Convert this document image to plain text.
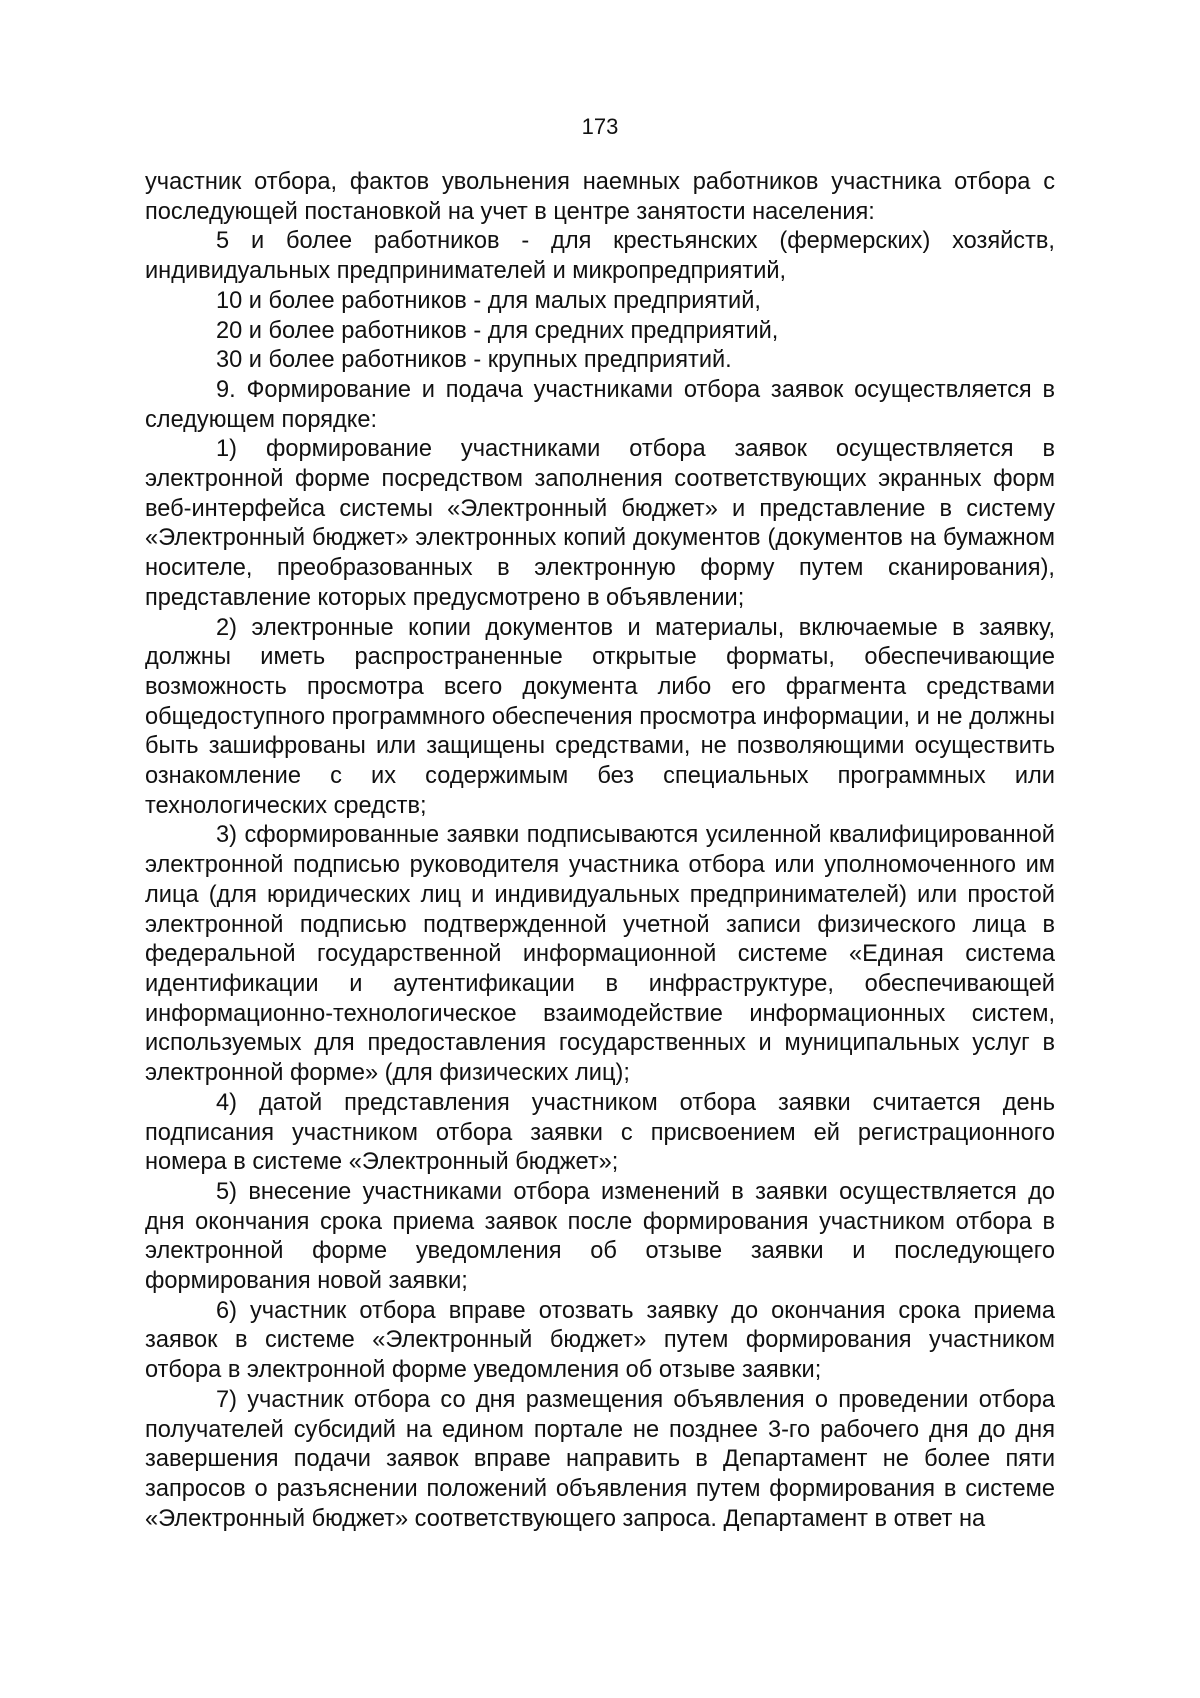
173

участник отбора, фактов увольнения наемных работников участника отбора с последующей постановкой на учет в центре занятости населения:

5 и более работников - для крестьянских (фермерских) хозяйств, индивидуальных предпринимателей и микропредприятий,

10 и более работников - для малых предприятий,

20 и более работников - для средних предприятий,

30 и более работников - крупных предприятий.

9. Формирование и подача участниками отбора заявок осуществляется в следующем порядке:

1) формирование участниками отбора заявок осуществляется в электронной форме посредством заполнения соответствующих экранных форм веб-интерфейса системы «Электронный бюджет» и представление в систему «Электронный бюджет» электронных копий документов (документов на бумажном носителе, преобразованных в электронную форму путем сканирования), представление которых предусмотрено в объявлении;

2) электронные копии документов и материалы, включаемые в заявку, должны иметь распространенные открытые форматы, обеспечивающие возможность просмотра всего документа либо его фрагмента средствами общедоступного программного обеспечения просмотра информации, и не должны быть зашифрованы или защищены средствами, не позволяющими осуществить ознакомление с их содержимым без специальных программных или технологических средств;

3) сформированные заявки подписываются усиленной квалифицированной электронной подписью руководителя участника отбора или уполномоченного им лица (для юридических лиц и индивидуальных предпринимателей) или простой электронной подписью подтвержденной учетной записи физического лица в федеральной государственной информационной системе «Единая система идентификации и аутентификации в инфраструктуре, обеспечивающей информационно-технологическое взаимодействие информационных систем, используемых для предоставления государственных и муниципальных услуг в электронной форме» (для физических лиц);

4) датой представления участником отбора заявки считается день подписания участником отбора заявки с присвоением ей регистрационного номера в системе «Электронный бюджет»;

5) внесение участниками отбора изменений в заявки осуществляется до дня окончания срока приема заявок после формирования участником отбора в электронной форме уведомления об отзыве заявки и последующего формирования новой заявки;

6) участник отбора вправе отозвать заявку до окончания срока приема заявок в системе «Электронный бюджет» путем формирования участником отбора в электронной форме уведомления об отзыве заявки;

7) участник отбора со дня размещения объявления о проведении отбора получателей субсидий на едином портале не позднее 3-го рабочего дня до дня завершения подачи заявок вправе направить в Департамент не более пяти запросов о разъяснении положений объявления путем формирования в системе «Электронный бюджет» соответствующего запроса. Департамент в ответ на
